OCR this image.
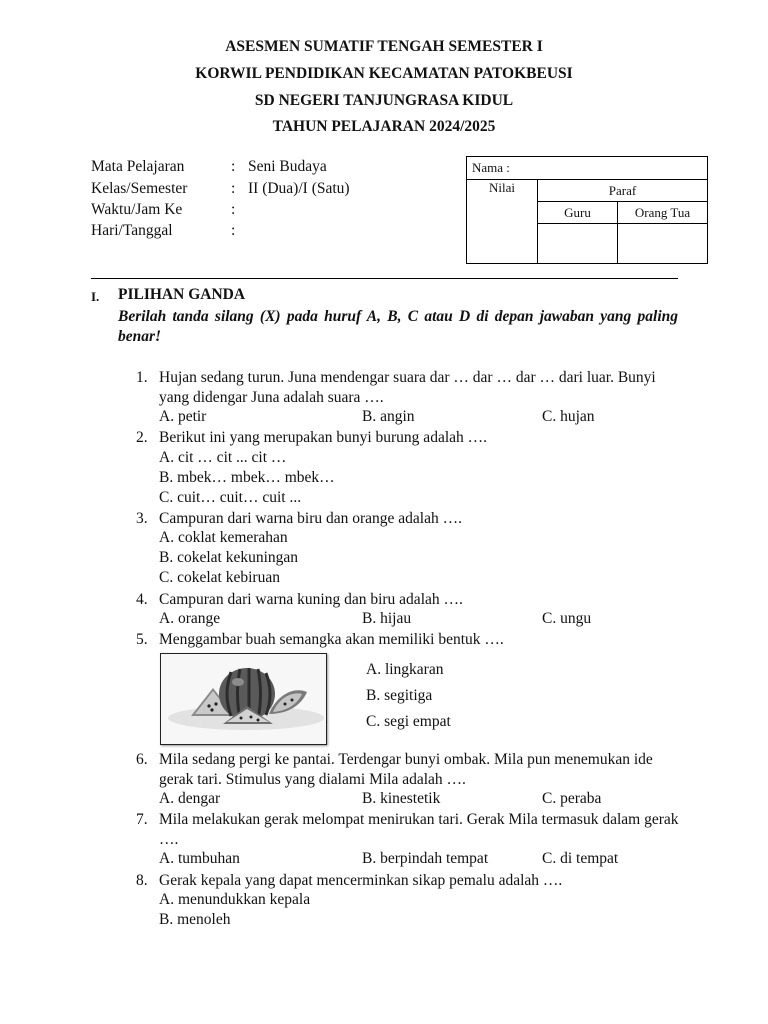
ASESMEN SUMATIF TENGAH SEMESTER I
KORWIL PENDIDIKAN KECAMATAN PATOKBEUSI
SD NEGERI TANJUNGRASA KIDUL
TAHUN PELAJARAN 2024/2025
Mata Pelajaran	: Seni Budaya
Kelas/Semester	: II (Dua)/I (Satu)
Waktu/Jam Ke	:
Hari/Tanggal	:
Nama :		
Nilai	Paraf	
	Guru	Orang Tua

I. PILIHAN GANDA
Berilah tanda silang (X) pada huruf A, B, C atau D di depan jawaban yang paling benar!
1. Hujan sedang turun. Juna mendengar suara dar … dar … dar … dari luar. Bunyi yang didengar Juna adalah suara ….
A. petir	B. angin	C. hujan
2. Berikut ini yang merupakan bunyi burung adalah ….
A. cit … cit ... cit …
B. mbek… mbek… mbek…
C. cuit… cuit… cuit ...
3. Campuran dari warna biru dan orange adalah ….
A. coklat kemerahan
B. cokelat kekuningan
C. cokelat kebiruan
4. Campuran dari warna kuning dan biru adalah ….
A. orange	B. hijau	C. ungu
5. Menggambar buah semangka akan memiliki bentuk ….
A. lingkaran
B. segitiga
C. segi empat
6. Mila sedang pergi ke pantai. Terdengar bunyi ombak. Mila pun menemukan ide gerak tari. Stimulus yang dialami Mila adalah ….
A. dengar	B. kinestetik	C. peraba
7. Mila melakukan gerak melompat menirukan tari. Gerak Mila termasuk dalam gerak ….
A. tumbuhan	B. berpindah tempat	C. di tempat
8. Gerak kepala yang dapat mencerminkan sikap pemalu adalah ….
A. menundukkan kepala
B. menoleh
